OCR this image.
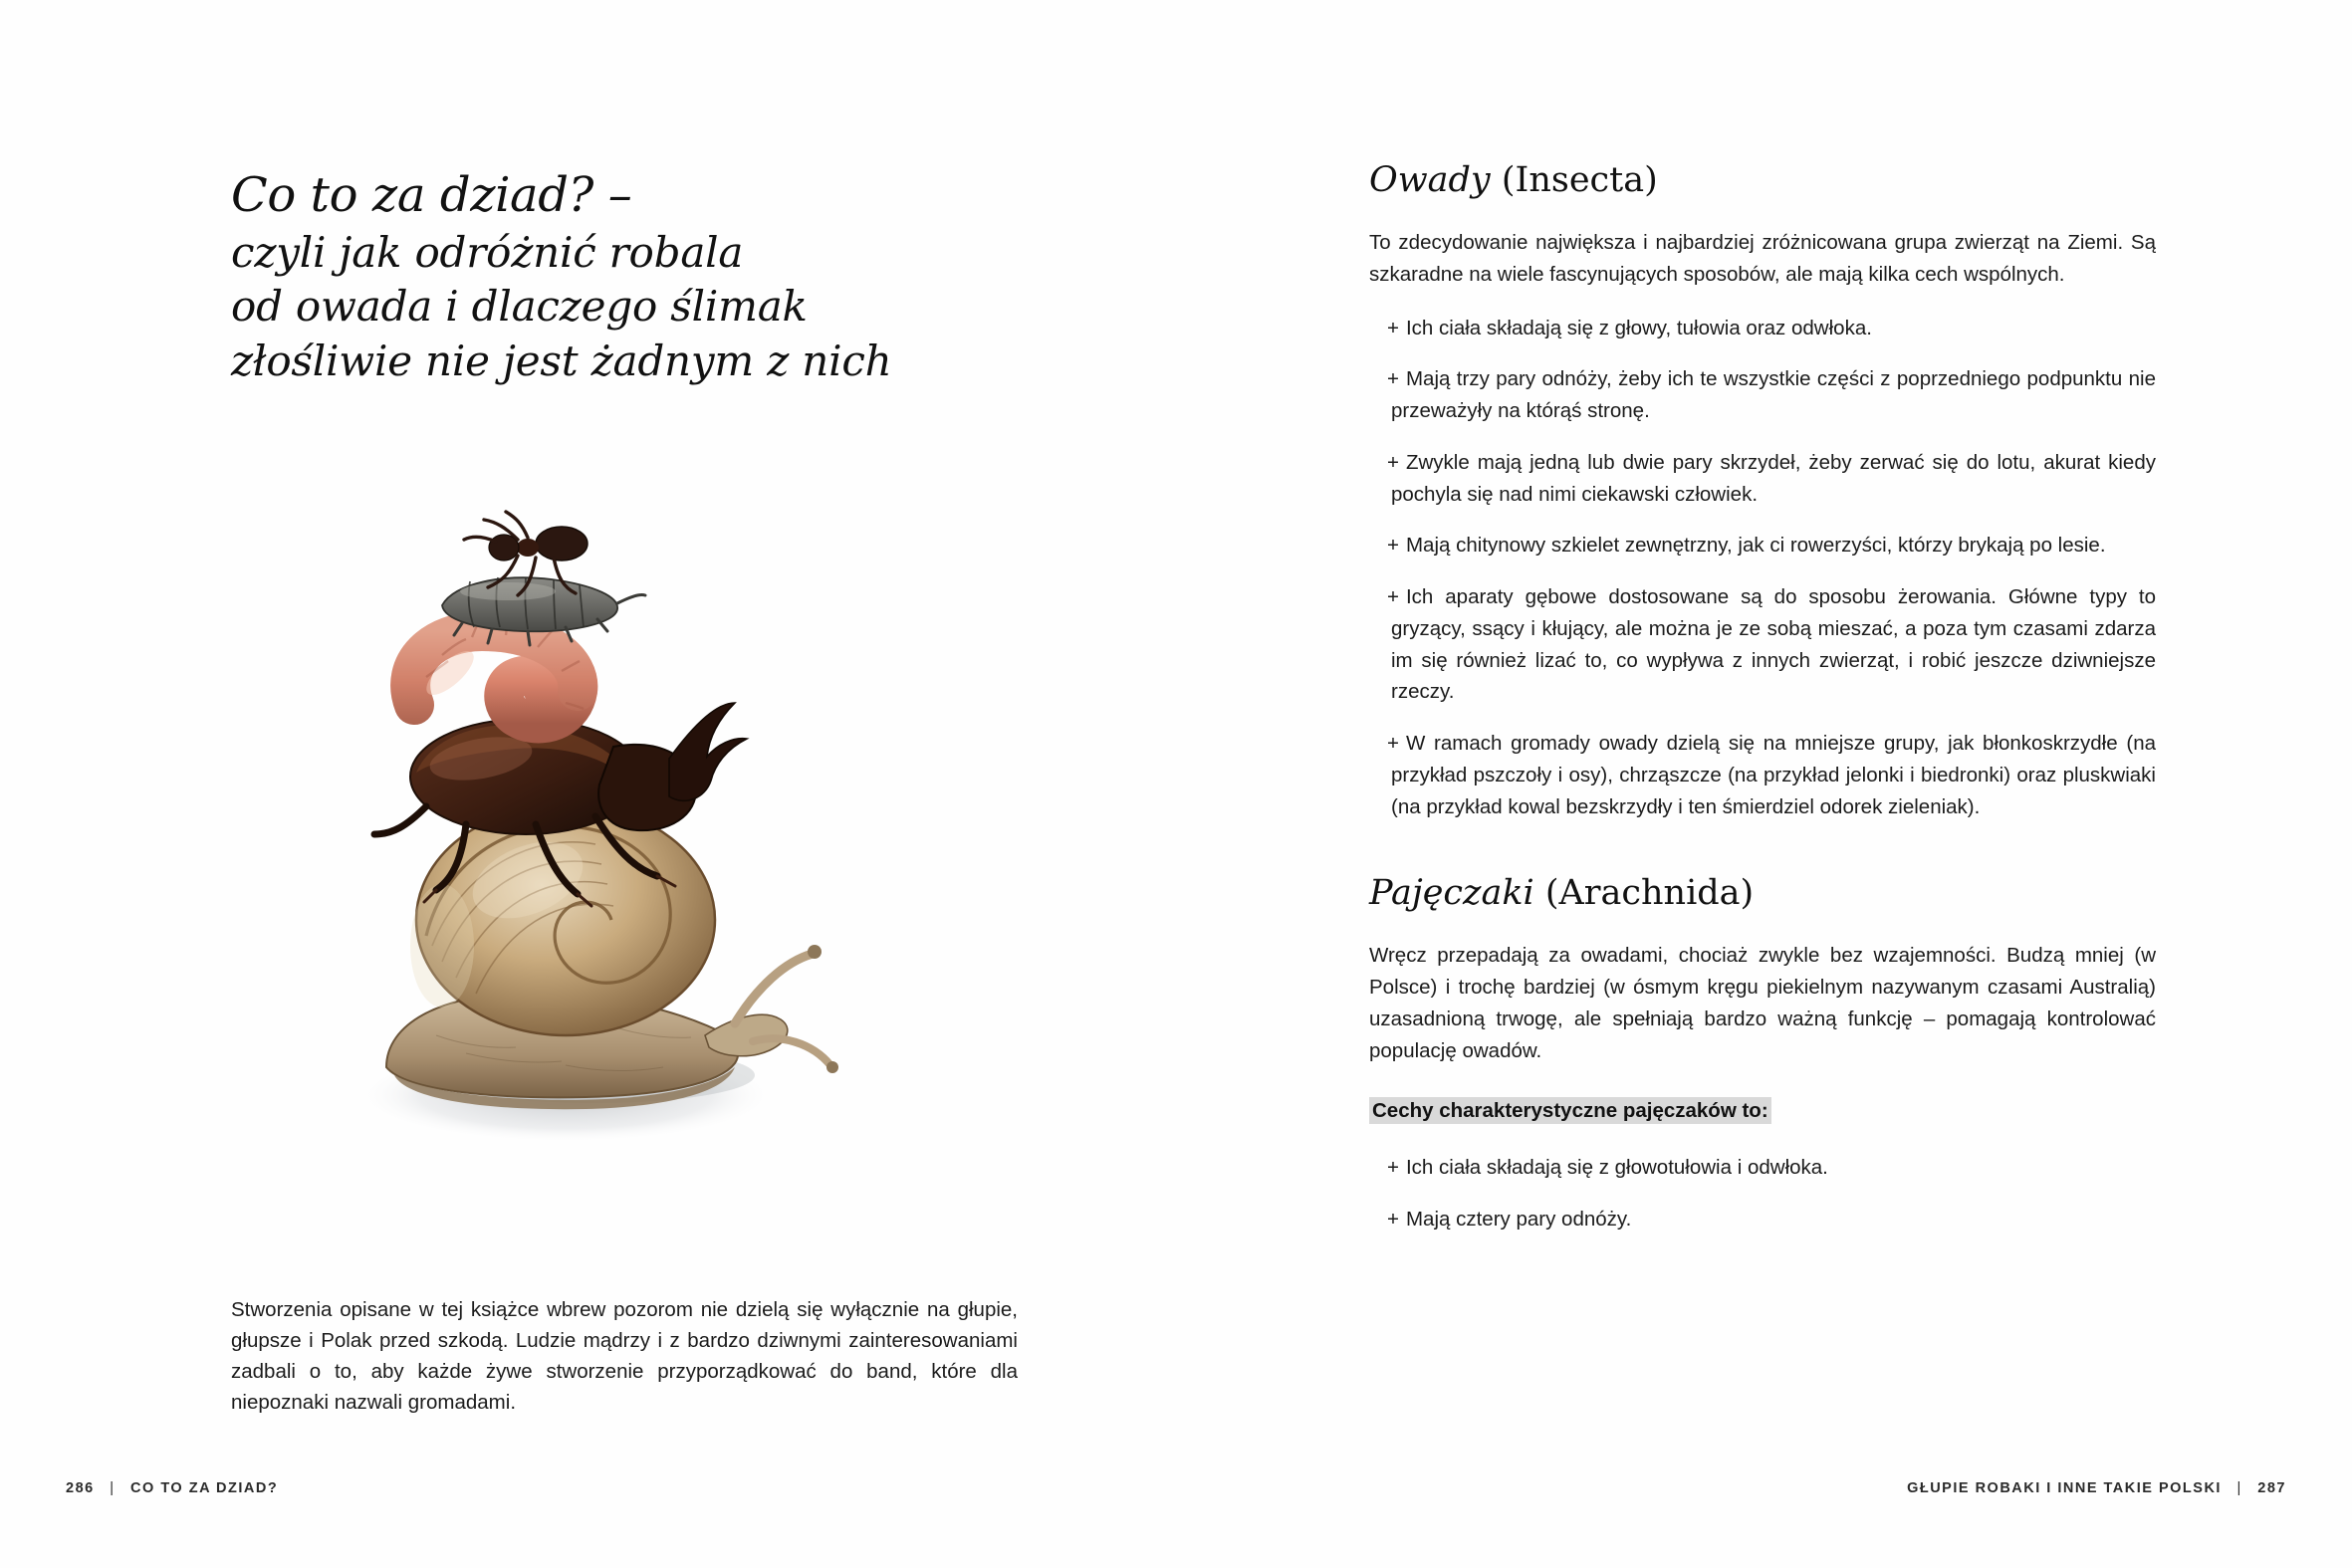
Co to za dziad? –
czyli jak odróżnić robala
od owada i dlaczego ślimak
złośliwie nie jest żadnym z nich

Stworzenia opisane w tej książce wbrew pozorom nie dzielą się wyłącznie na głupie, głupsze i Polak przed szkodą. Ludzie mądrzy i z bardzo dziwnymi zainteresowaniami zadbali o to, aby każde żywe stworzenie przyporządkować do band, które dla niepoznaki nazwali gromadami.

286 | CO TO ZA DZIAD?
Owady (Insecta)

To zdecydowanie największa i najbardziej zróżnicowana grupa zwierząt na Ziemi. Są szkaradne na wiele fascynujących sposobów, ale mają kilka cech wspólnych.

+ Ich ciała składają się z głowy, tułowia oraz odwłoka.

+ Mają trzy pary odnóży, żeby ich te wszystkie części z poprzedniego podpunktu nie przeważyły na którąś stronę.

+ Zwykle mają jedną lub dwie pary skrzydeł, żeby zerwać się do lotu, akurat kiedy pochyla się nad nimi ciekawski człowiek.

+ Mają chitynowy szkielet zewnętrzny, jak ci rowerzyści, którzy brykają po lesie.

+ Ich aparaty gębowe dostosowane są do sposobu żerowania. Główne typy to gryzący, ssący i kłujący, ale można je ze sobą mieszać, a poza tym czasami zdarza im się również lizać to, co wypływa z innych zwierząt, i robić jeszcze dziwniejsze rzeczy.

+ W ramach gromady owady dzielą się na mniejsze grupy, jak błonkoskrzydłe (na przykład pszczoły i osy), chrząszcze (na przykład jelonki i biedronki) oraz pluskwiaki (na przykład kowal bezskrzydły i ten śmierdziel odorek zieleniak).

Pajęczaki (Arachnida)

Wręcz przepadają za owadami, chociaż zwykle bez wzajemności. Budzą mniej (w Polsce) i trochę bardziej (w ósmym kręgu piekielnym nazywanym czasami Australią) uzasadnioną trwogę, ale spełniają bardzo ważną funkcję – pomagają kontrolować populację owadów.

Cechy charakterystyczne pajęczaków to:

+ Ich ciała składają się z głowotułowia i odwłoka.

+ Mają cztery pary odnóży.

GŁUPIE ROBAKI I INNE TAKIE POLSKI | 287
